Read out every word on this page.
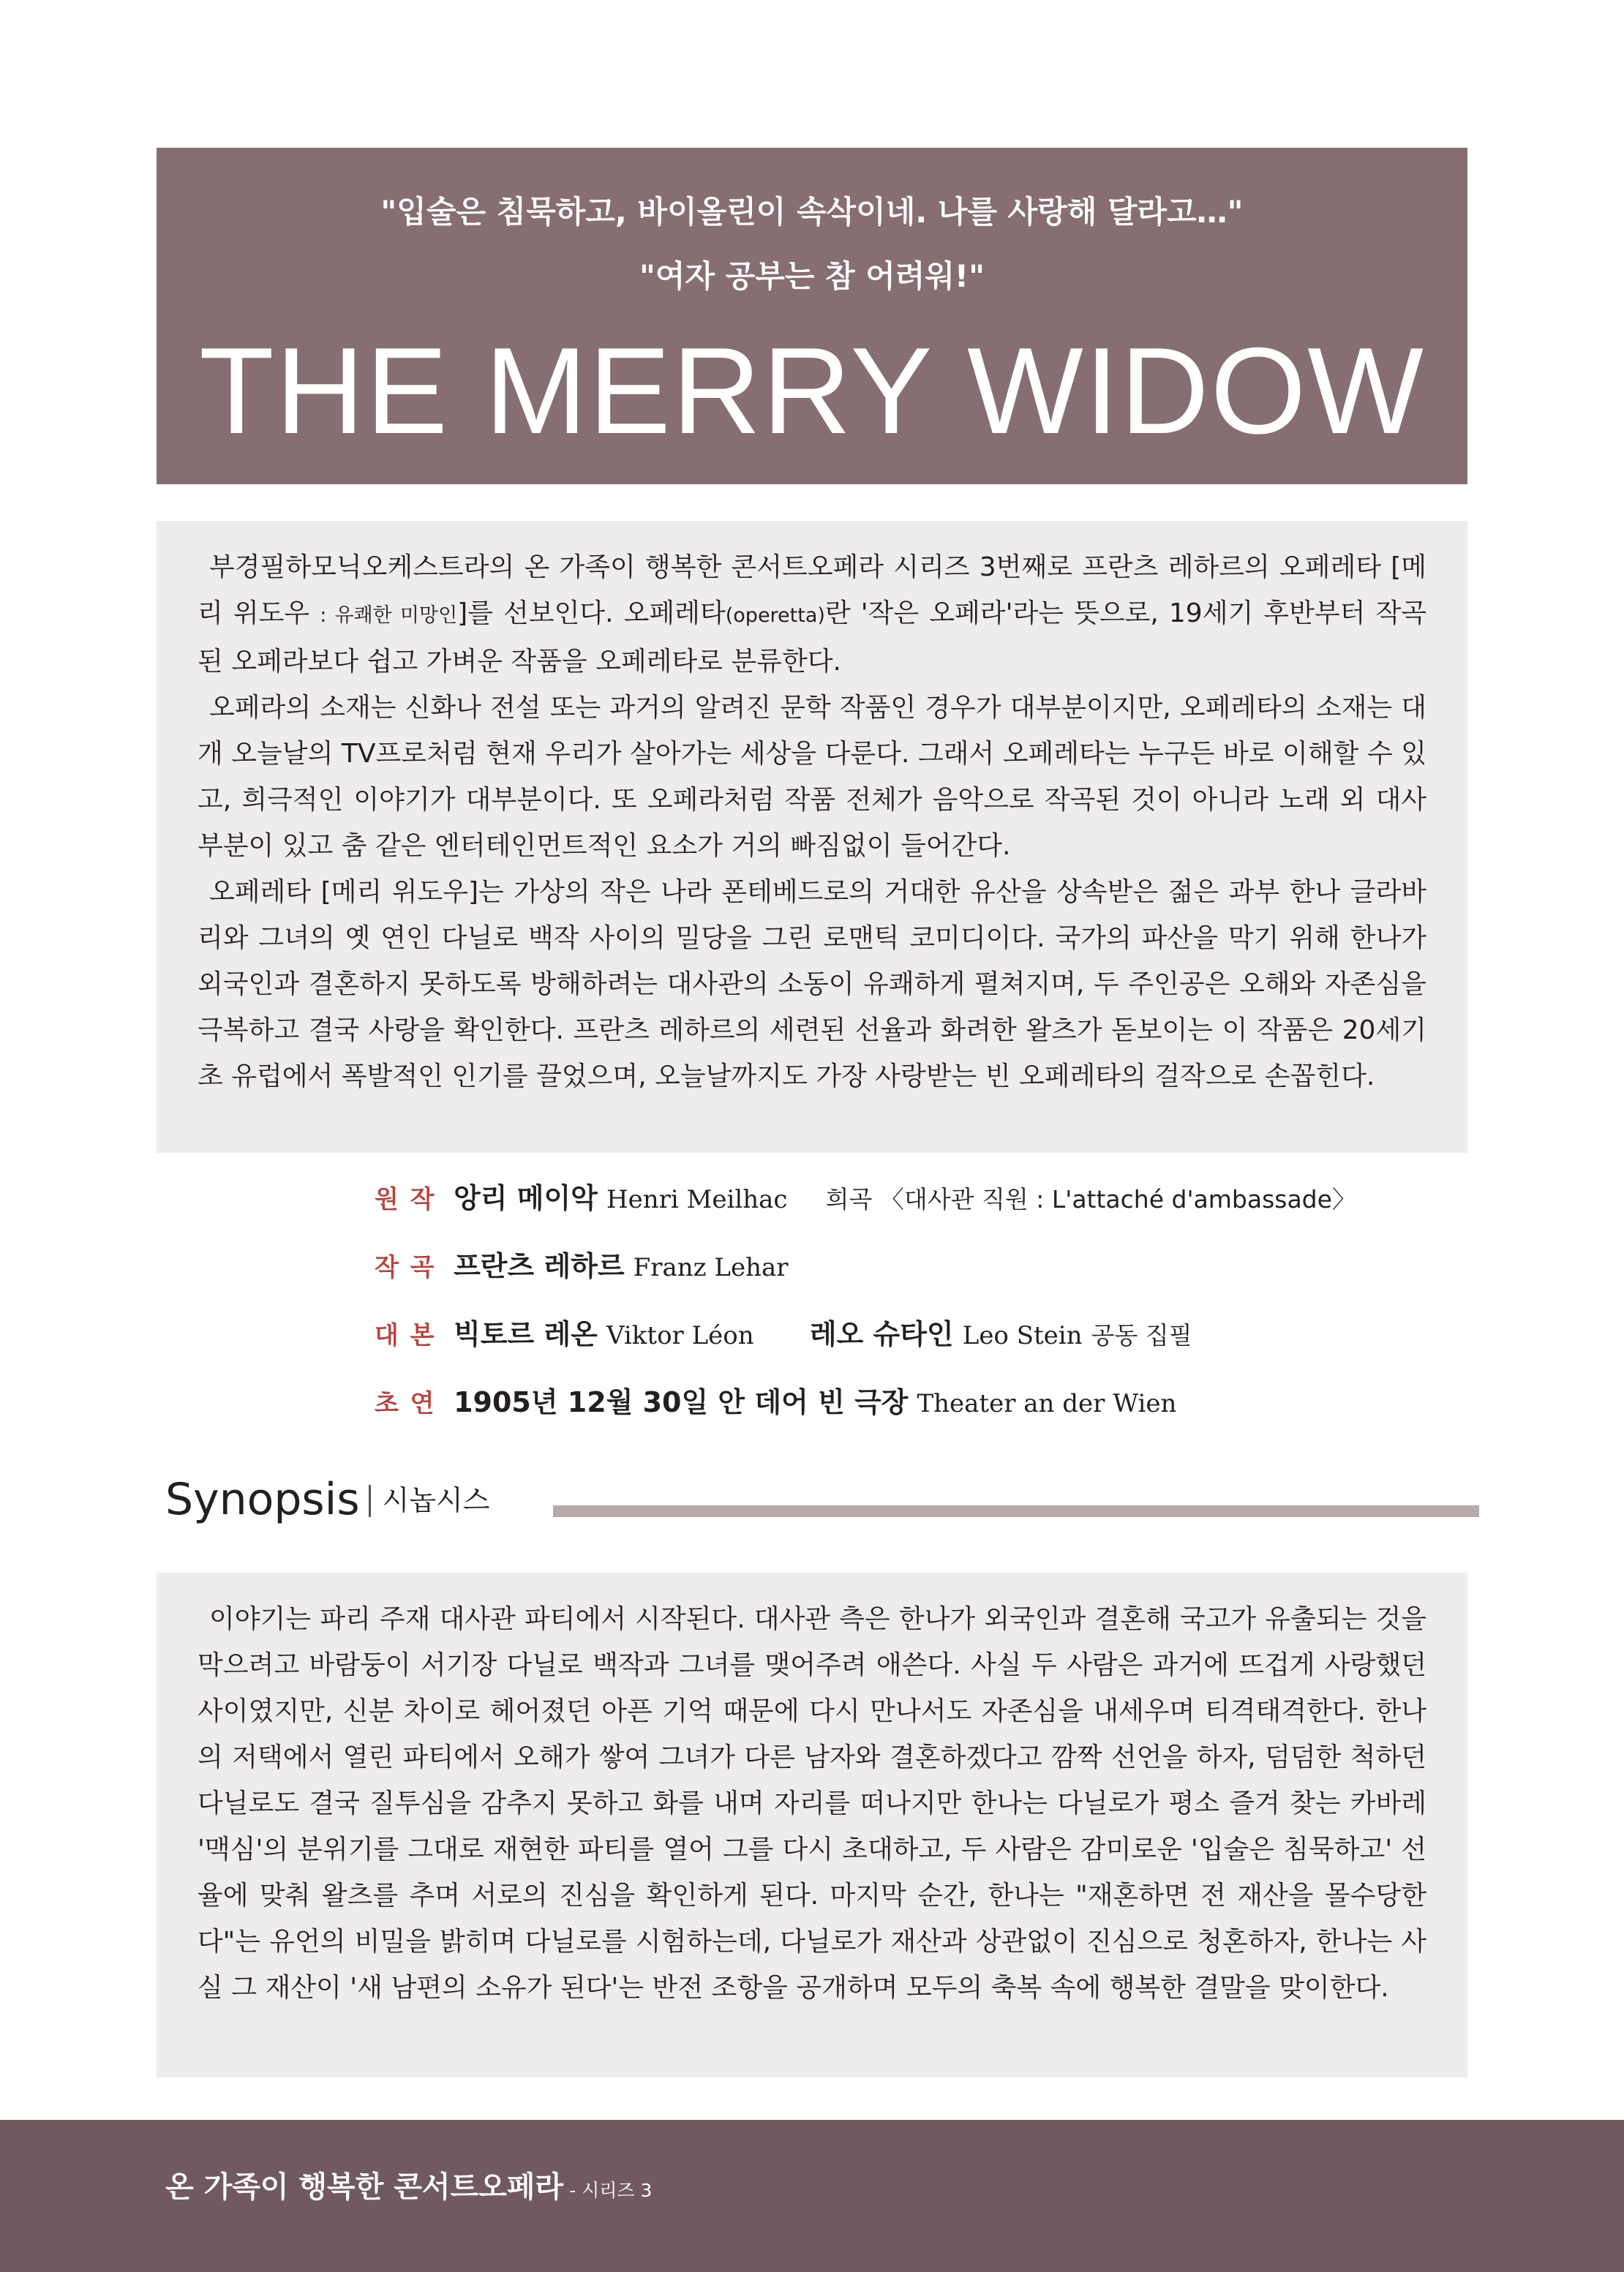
"입술은 침묵하고, 바이올린이 속삭이네. 나를 사랑해 달라고…"
"여자 공부는 참 어려워!"
THE MERRY WIDOW

부경필하모닉오케스트라의 온 가족이 행복한 콘서트오페라 시리즈 3번째로 프란츠 레하르의 오페레타 [메리 위도우 : 유쾌한 미망인]를 선보인다. 오페레타(operetta)란 '작은 오페라'라는 뜻으로, 19세기 후반부터 작곡된 오페라보다 쉽고 가벼운 작품을 오페레타로 분류한다.

오페라의 소재는 신화나 전설 또는 과거의 알려진 문학 작품인 경우가 대부분이지만, 오페레타의 소재는 대개 오늘날의 TV프로처럼 현재 우리가 살아가는 세상을 다룬다. 그래서 오페레타는 누구든 바로 이해할 수 있고, 희극적인 이야기가 대부분이다. 또 오페라처럼 작품 전체가 음악으로 작곡된 것이 아니라 노래 외 대사 부분이 있고 춤 같은 엔터테인먼트적인 요소가 거의 빠짐없이 들어간다.

오페레타 [메리 위도우]는 가상의 작은 나라 폰테베드로의 거대한 유산을 상속받은 젊은 과부 한나 글라바리와 그녀의 옛 연인 다닐로 백작 사이의 밀당을 그린 로맨틱 코미디이다. 국가의 파산을 막기 위해 한나가 외국인과 결혼하지 못하도록 방해하려는 대사관의 소동이 유쾌하게 펼쳐지며, 두 주인공은 오해와 자존심을 극복하고 결국 사랑을 확인한다. 프란츠 레하르의 세련된 선율과 화려한 왈츠가 돋보이는 이 작품은 20세기 초 유럽에서 폭발적인 인기를 끌었으며, 오늘날까지도 가장 사랑받는 빈 오페레타의 걸작으로 손꼽힌다.

원 작 앙리 메이악 Henri Meilhac 희곡 〈대사관 직원 : L'attaché d'ambassade〉
작 곡 프란츠 레하르 Franz Lehar
대 본 빅토르 레온 Viktor Léon 레오 슈타인 Leo Stein 공동 집필
초 연 1905년 12월 30일 안 데어 빈 극장 Theater an der Wien
Synopsis 시놉시스

이야기는 파리 주재 대사관 파티에서 시작된다. 대사관 측은 한나가 외국인과 결혼해 국고가 유출되는 것을 막으려고 바람둥이 서기장 다닐로 백작과 그녀를 맺어주려 애쓴다. 사실 두 사람은 과거에 뜨겁게 사랑했던 사이였지만, 신분 차이로 헤어졌던 아픈 기억 때문에 다시 만나서도 자존심을 내세우며 티격태격한다. 한나의 저택에서 열린 파티에서 오해가 쌓여 그녀가 다른 남자와 결혼하겠다고 깜짝 선언을 하자, 덤덤한 척하던 다닐로도 결국 질투심을 감추지 못하고 화를 내며 자리를 떠나지만 한나는 다닐로가 평소 즐겨 찾는 카바레 '맥심'의 분위기를 그대로 재현한 파티를 열어 그를 다시 초대하고, 두 사람은 감미로운 '입술은 침묵하고' 선율에 맞춰 왈츠를 추며 서로의 진심을 확인하게 된다. 마지막 순간, 한나는 "재혼하면 전 재산을 몰수당한다"는 유언의 비밀을 밝히며 다닐로를 시험하는데, 다닐로가 재산과 상관없이 진심으로 청혼하자, 한나는 사실 그 재산이 '새 남편의 소유가 된다'는 반전 조항을 공개하며 모두의 축복 속에 행복한 결말을 맞이한다.

온 가족이 행복한 콘서트오페라 - 시리즈 3
